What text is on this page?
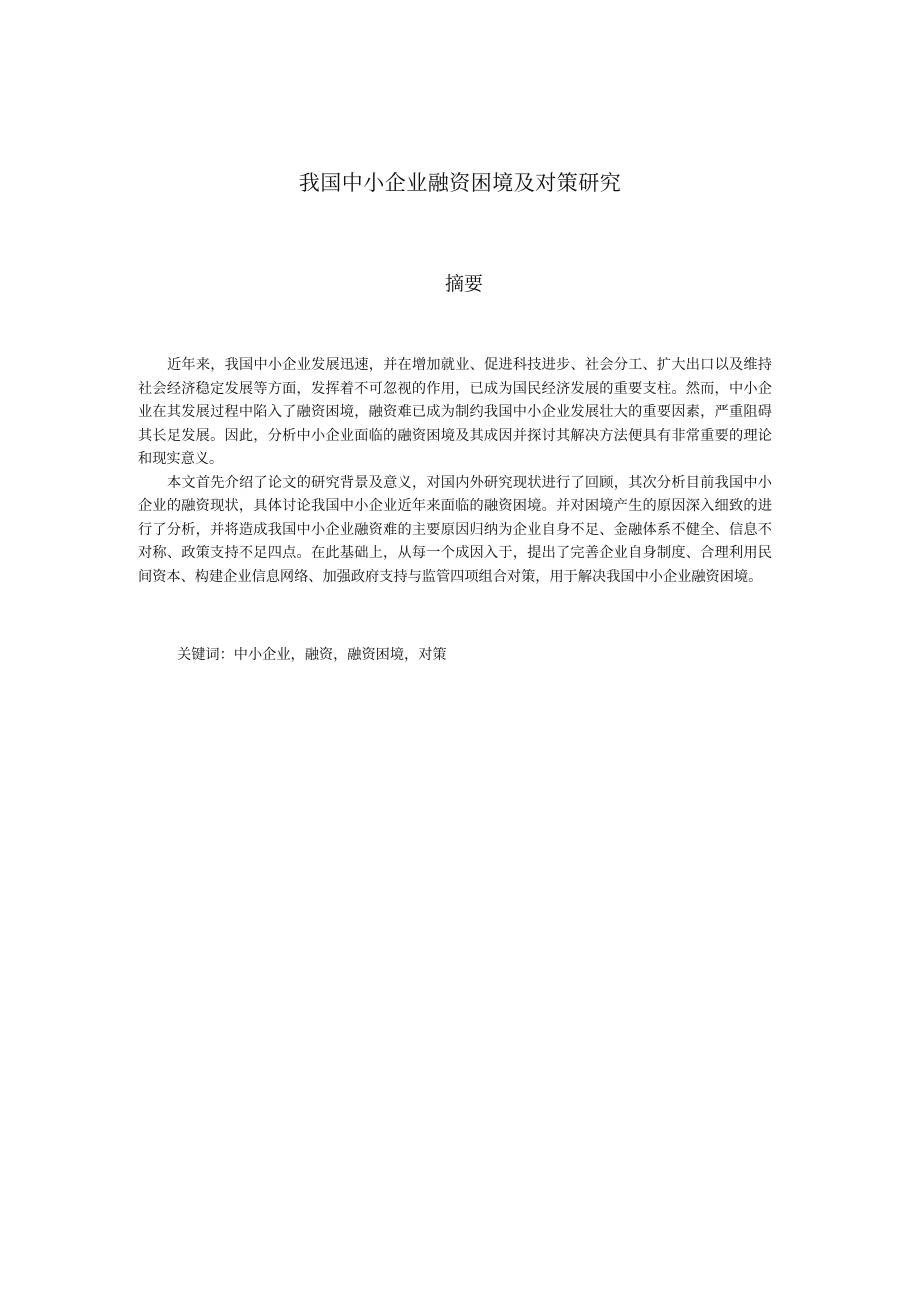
我国中小企业融资困境及对策研究
摘要

近年来，我国中小企业发展迅速，并在增加就业、促进科技进步、社会分工、扩大出口以及维持社会经济稳定发展等方面，发挥着不可忽视的作用，已成为国民经济发展的重要支柱。然而，中小企业在其发展过程中陷入了融资困境，融资难已成为制约我国中小企业发展壮大的重要因素，严重阻碍其长足发展。因此，分析中小企业面临的融资困境及其成因并探讨其解决方法便具有非常重要的理论和现实意义。

本文首先介绍了论文的研究背景及意义，对国内外研究现状进行了回顾，其次分析目前我国中小企业的融资现状，具体讨论我国中小企业近年来面临的融资困境。并对困境产生的原因深入细致的进行了分析，并将造成我国中小企业融资难的主要原因归纳为企业自身不足、金融体系不健全、信息不对称、政策支持不足四点。在此基础上，从每一个成因入于，提出了完善企业自身制度、合理利用民间资本、构建企业信息网络、加强政府支持与监管四项组合对策，用于解决我国中小企业融资困境。

关键词：中小企业，融资，融资困境，对策
